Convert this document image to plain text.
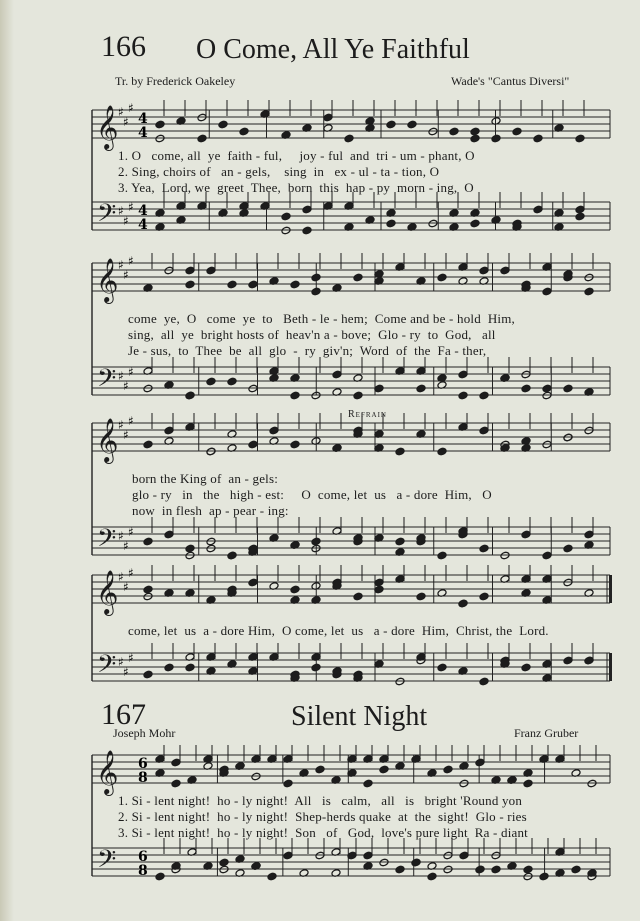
166 O Come, All Ye Faithful
Tr. by Frederick Oakeley	Wade's "Cantus Diversi"
𝄞
𝄢
4
4
4
4
♯
♯
♯
♯
♯
♯
1. O   come, all  ye  faith - ful,     joy - ful  and  tri - um - phant, O
2. Sing, choirs of   an - gels,    sing  in   ex - ul - ta - tion, O
3. Yea,  Lord, we  greet  Thee,  born  this  hap - py  morn - ing,  O
𝄞
𝄢
♯
♯
♯
♯
♯
♯
come  ye,  O   come  ye  to   Beth - le - hem;  Come and be - hold  Him,
sing,  all  ye  bright hosts of  heav'n a - bove;  Glo - ry  to  God,   all
Je - sus,  to  Thee  be  all  glo  -  ry  giv'n;  Word  of  the  Fa - ther,
𝄞
𝄢
♯
♯
♯
♯
♯
♯
Refrain
born the King of  an - gels:
glo - ry   in   the   high - est:     O  come, let  us   a - dore  Him,   O
now  in flesh  ap - pear - ing:
𝄞
𝄢
♯
♯
♯
♯
♯
♯
come, let  us  a - dore Him,  O come, let  us   a - dore  Him,  Christ, the  Lord.
167	Silent Night
Joseph Mohr	Franz Gruber
𝄞
𝄢
6
8
6
8
1. Si - lent night!  ho - ly night!  All   is   calm,   all   is   bright 'Round yon
2. Si - lent night!  ho - ly night!  Shep-herds quake  at  the  sight!  Glo - ries
3. Si - lent night!  ho - ly night!  Son   of   God,  love's pure light  Ra - diant
